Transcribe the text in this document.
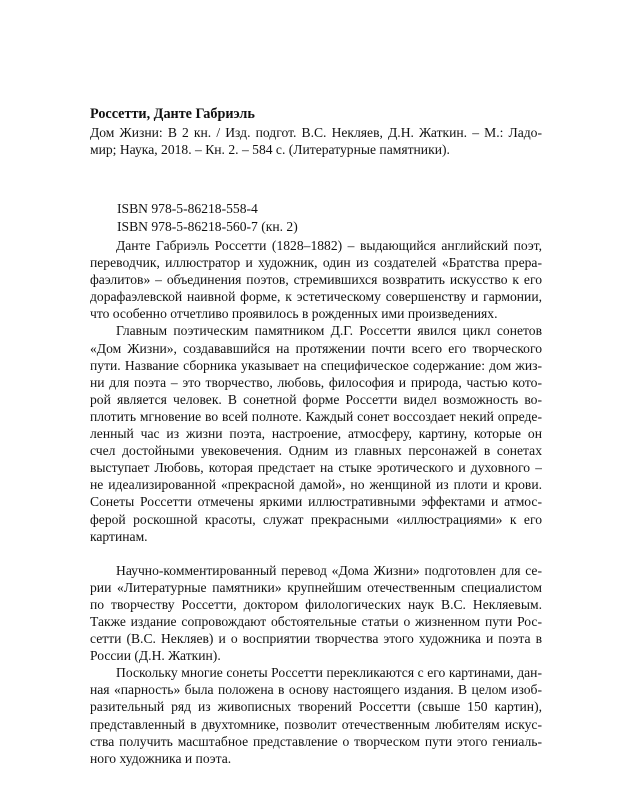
Россетти, Данте Габриэль
Дом Жизни: В 2 кн. / Изд. подгот. В.С. Некляев, Д.Н. Жаткин. – М.: Ладо-
мир; Наука, 2018. – Кн. 2. – 584 с. (Литературные памятники).
ISBN 978-5-86218-558-4
ISBN 978-5-86218-560-7 (кн. 2)
Данте Габриэль Россетти (1828–1882) – выдающийся английский поэт,
переводчик, иллюстратор и художник, один из создателей «Братства прера-
фаэлитов» – объединения поэтов, стремившихся возвратить искусство к его
дорафаэлевской наивной форме, к эстетическому совершенству и гармонии,
что особенно отчетливо проявилось в рожденных ими произведениях.
Главным поэтическим памятником Д.Г. Россетти явился цикл сонетов
«Дом Жизни», создававшийся на протяжении почти всего его творческого
пути. Название сборника указывает на специфическое содержание: дом жиз-
ни для поэта – это творчество, любовь, философия и природа, частью кото-
рой является человек. В сонетной форме Россетти видел возможность во-
плотить мгновение во всей полноте. Каждый сонет воссоздает некий опреде-
ленный час из жизни поэта, настроение, атмосферу, картину, которые он
счел достойными увековечения. Одним из главных персонажей в сонетах
выступает Любовь, которая предстает на стыке эротического и духовного –
не идеализированной «прекрасной дамой», но женщиной из плоти и крови.
Сонеты Россетти отмечены яркими иллюстративными эффектами и атмос-
ферой роскошной красоты, служат прекрасными «иллюстрациями» к его
картинам.
Научно-комментированный перевод «Дома Жизни» подготовлен для се-
рии «Литературные памятники» крупнейшим отечественным специалистом
по творчеству Россетти, доктором филологических наук В.С. Некляевым.
Также издание сопровождают обстоятельные статьи о жизненном пути Рос-
сетти (В.С. Некляев) и о восприятии творчества этого художника и поэта в
России (Д.Н. Жаткин).
Поскольку многие сонеты Россетти перекликаются с его картинами, дан-
ная «парность» была положена в основу настоящего издания. В целом изоб-
разительный ряд из живописных творений Россетти (свыше 150 картин),
представленный в двухтомнике, позволит отечественным любителям искус-
ства получить масштабное представление о творческом пути этого гениаль-
ного художника и поэта.
